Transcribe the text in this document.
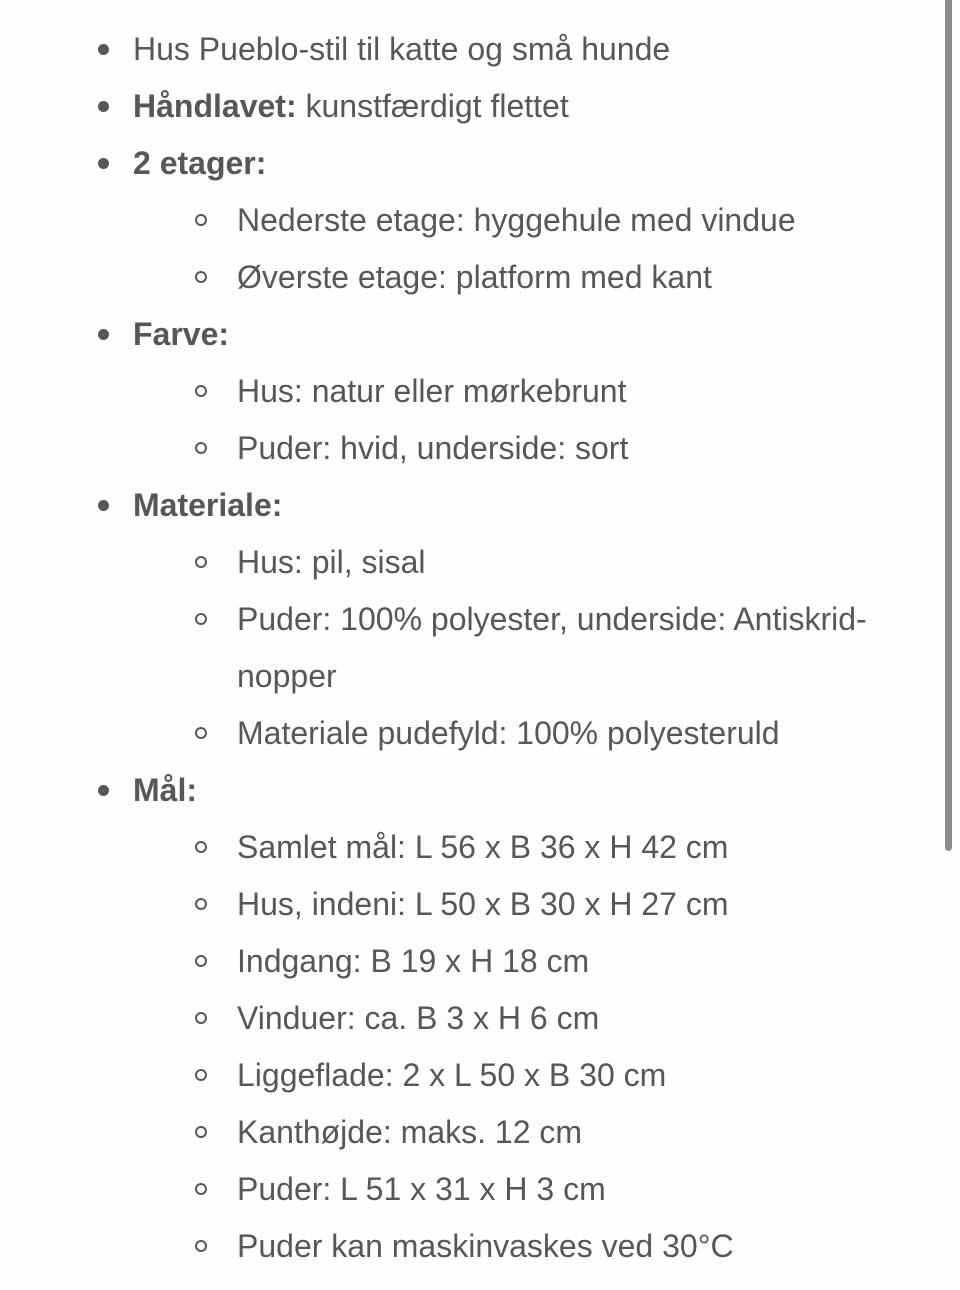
Hus Pueblo-stil til katte og små hunde
Håndlavet: kunstfærdigt flettet
2 etager:
Nederste etage: hyggehule med vindue
Øverste etage: platform med kant
Farve:
Hus: natur eller mørkebrunt
Puder: hvid, underside: sort
Materiale:
Hus: pil, sisal
Puder: 100% polyester, underside: Antiskrid-nopper
Materiale pudefyld: 100% polyesteruld
Mål:
Samlet mål: L 56 x B 36 x H 42 cm
Hus, indeni: L 50 x B 30 x H 27 cm
Indgang: B 19 x H 18 cm
Vinduer: ca. B 3 x H 6 cm
Liggeflade: 2 x L 50 x B 30 cm
Kanthøjde: maks. 12 cm
Puder: L 51 x 31 x H 3 cm
Puder kan maskinvaskes ved 30°C
